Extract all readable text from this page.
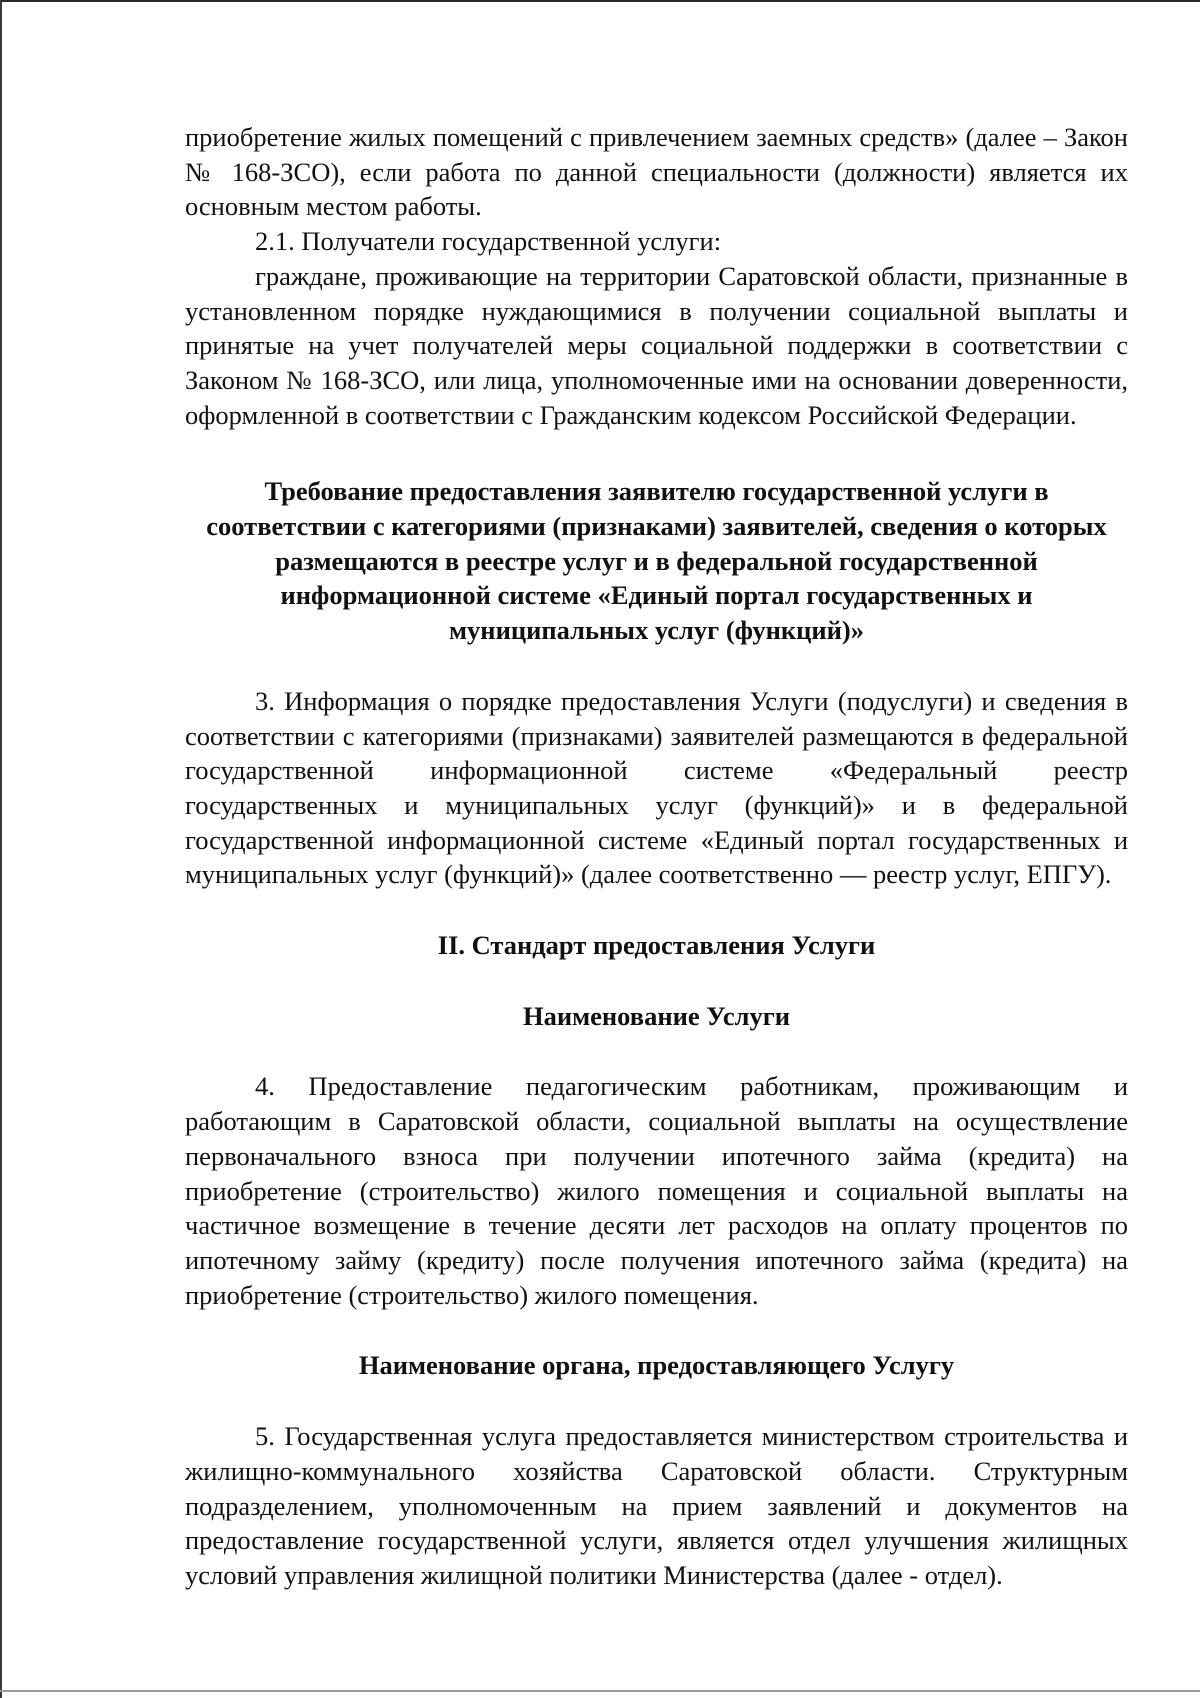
приобретение жилых помещений с привлечением заемных средств» (далее – Закон № 168-ЗСО), если работа по данной специальности (должности) является их основным местом работы.

2.1. Получатели государственной услуги:

граждане, проживающие на территории Саратовской области, признанные в установленном порядке нуждающимися в получении социальной выплаты и принятые на учет получателей меры социальной поддержки в соответствии с Законом № 168-ЗСО, или лица, уполномоченные ими на основании доверенности, оформленной в соответствии с Гражданским кодексом Российской Федерации.

Требование предоставления заявителю государственной услуги в соответствии с категориями (признаками) заявителей, сведения о которых размещаются в реестре услуг и в федеральной государственной информационной системе «Единый портал государственных и муниципальных услуг (функций)»

3. Информация о порядке предоставления Услуги (подуслуги) и сведения в соответствии с категориями (признаками) заявителей размещаются в федеральной государственной информационной системе «Федеральный реестр государственных и муниципальных услуг (функций)» и в федеральной государственной информационной системе «Единый портал государственных и муниципальных услуг (функций)» (далее соответственно — реестр услуг, ЕПГУ).

II. Стандарт предоставления Услуги

Наименование Услуги

4. Предоставление педагогическим работникам, проживающим и работающим в Саратовской области, социальной выплаты на осуществление первоначального взноса при получении ипотечного займа (кредита) на приобретение (строительство) жилого помещения и социальной выплаты на частичное возмещение в течение десяти лет расходов на оплату процентов по ипотечному займу (кредиту) после получения ипотечного займа (кредита) на приобретение (строительство) жилого помещения.

Наименование органа, предоставляющего Услугу

5. Государственная услуга предоставляется министерством строительства и жилищно-коммунального хозяйства Саратовской области. Структурным подразделением, уполномоченным на прием заявлений и документов на предоставление государственной услуги, является отдел улучшения жилищных условий управления жилищной политики Министерства (далее - отдел).
